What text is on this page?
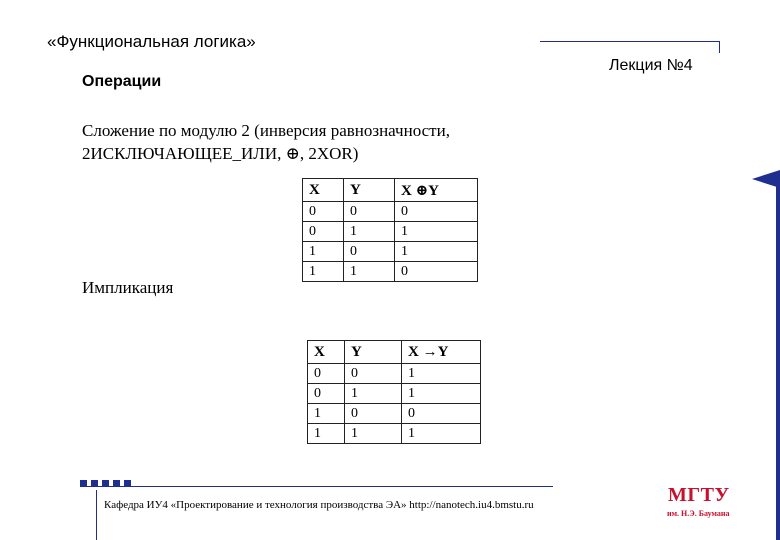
«Функциональная логика»
Лекция №4
Операции
Сложение по модулю 2 (инверсия равнозначности,
2ИСКЛЮЧАЮЩЕЕ_ИЛИ, ⊕, 2XOR)
X	Y	X ⊕Y
0	0	0
0	1	1
1	0	1
1	1	0
Импликация
X	Y	X →Y
0	0	1
0	1	1
1	0	0
1	1	1
Кафедра ИУ4 «Проектирование и технология производства ЭА» http://nanotech.iu4.bmstu.ru	МГТУ
им. Н.Э. Баумана
